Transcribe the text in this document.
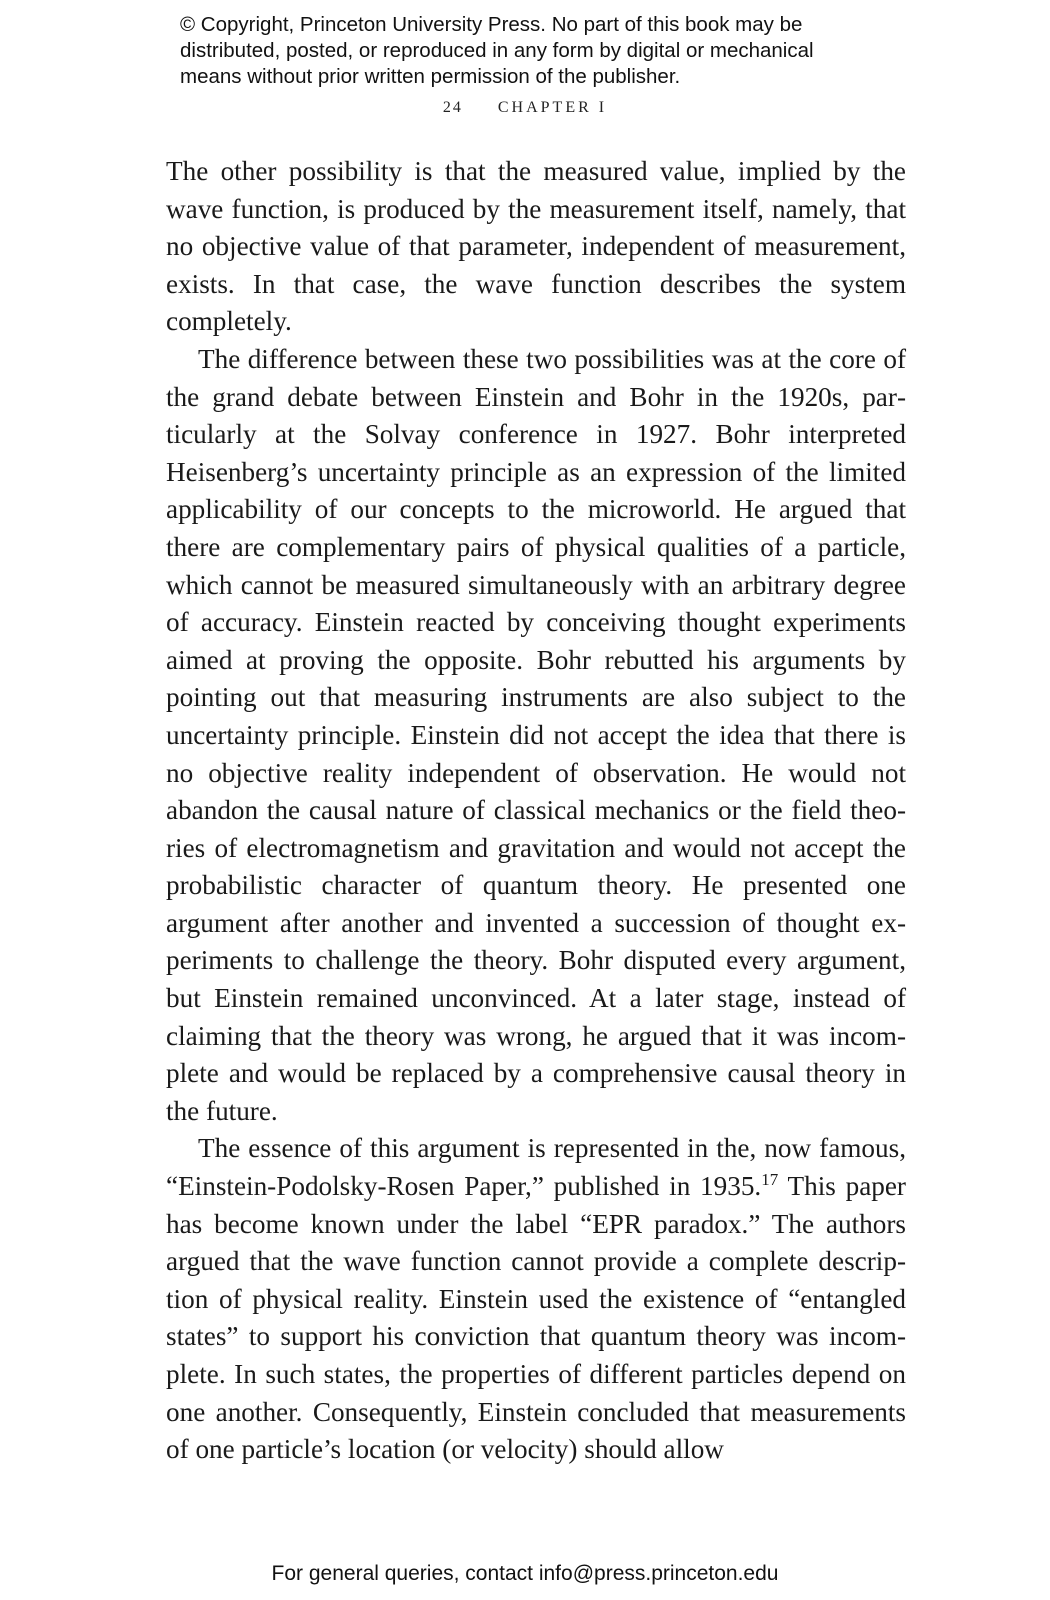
© Copyright, Princeton University Press. No part of this book may be
distributed, posted, or reproduced in any form by digital or mechanical
means without prior written permission of the publisher.
24 CHAPTER I

The other possibility is that the measured value, implied by the wave function, is produced by the measurement itself, namely, that no objective value of that parameter, independent of measurement, exists. In that case, the wave function describes the system completely.

The difference between these two possibilities was at the core of the grand debate between Einstein and Bohr in the 1920s, particularly at the Solvay conference in 1927. Bohr interpreted Heisenberg’s uncertainty principle as an expression of the limited applicability of our concepts to the microworld. He argued that there are complementary pairs of physical qualities of a particle, which cannot be measured simultaneously with an arbitrary degree of accuracy. Einstein reacted by conceiving thought experiments aimed at proving the opposite. Bohr rebutted his arguments by pointing out that measuring instruments are also subject to the uncertainty principle. Einstein did not accept the idea that there is no objective reality independent of observation. He would not abandon the causal nature of classical mechanics or the field theories of electromagnetism and gravitation and would not accept the probabilistic character of quantum theory. He presented one argument after another and invented a succession of thought experiments to challenge the theory. Bohr disputed every argument, but Einstein remained unconvinced. At a later stage, instead of claiming that the theory was wrong, he argued that it was incomplete and would be replaced by a comprehensive causal theory in the future.

The essence of this argument is represented in the, now famous, “Einstein-Podolsky-Rosen Paper,” published in 1935.17 This paper has become known under the label “EPR paradox.” The authors argued that the wave function cannot provide a complete description of physical reality. Einstein used the existence of “entangled states” to support his conviction that quantum theory was incomplete. In such states, the properties of different particles depend on one another. Consequently, Einstein concluded that measurements of one particle’s location (or velocity) should allow

For general queries, contact info@press.princeton.edu
